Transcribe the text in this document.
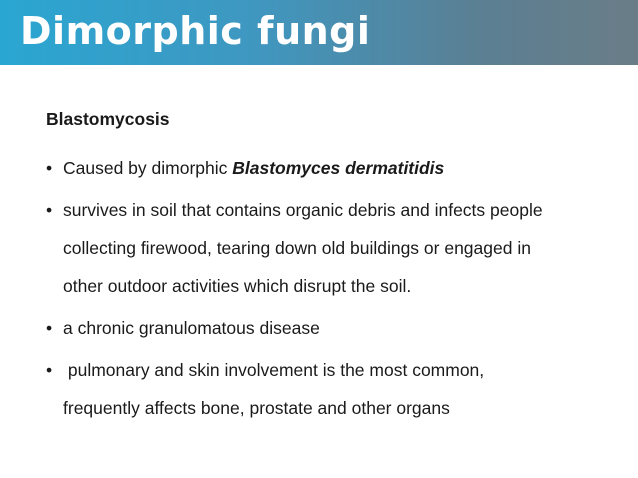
Dimorphic fungi
Blastomycosis
• Caused by dimorphic Blastomyces dermatitidis
• survives in soil that contains organic debris and infects people
collecting firewood, tearing down old buildings or engaged in
other outdoor activities which disrupt the soil.
• a chronic granulomatous disease
• pulmonary and skin involvement is the most common,
frequently affects bone, prostate and other organs
